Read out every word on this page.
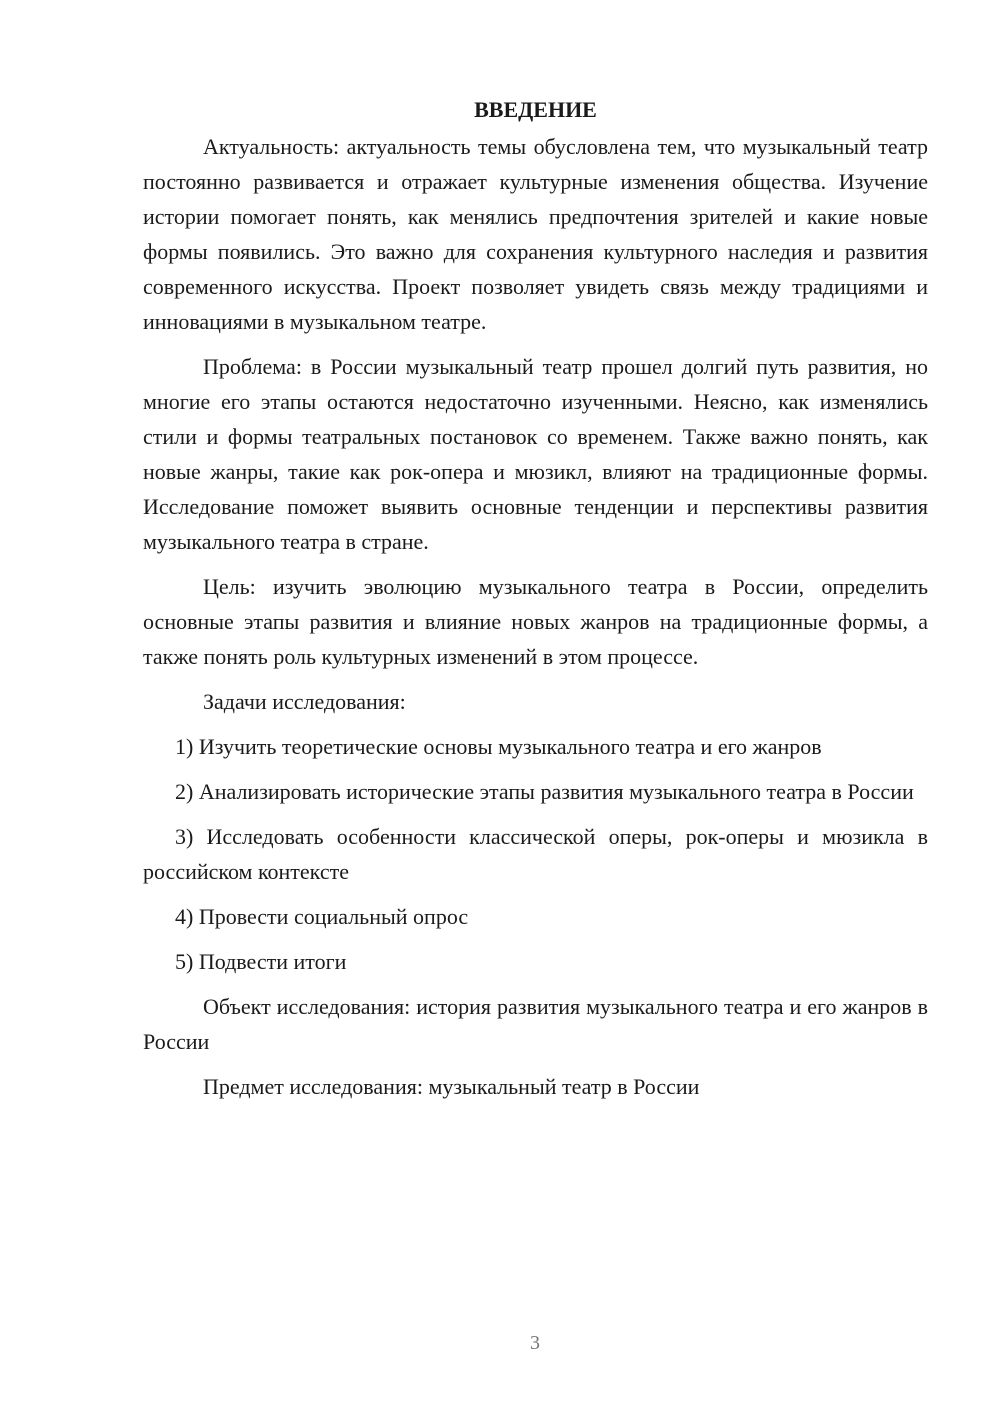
ВВЕДЕНИЕ

Актуальность: актуальность темы обусловлена тем, что музыкальный театр постоянно развивается и отражает культурные изменения общества. Изучение истории помогает понять, как менялись предпочтения зрителей и какие новые формы появились. Это важно для сохранения культурного наследия и развития современного искусства. Проект позволяет увидеть связь между традициями и инновациями в музыкальном театре.

Проблема: в России музыкальный театр прошел долгий путь развития, но многие его этапы остаются недостаточно изученными. Неясно, как изменялись стили и формы театральных постановок со временем. Также важно понять, как новые жанры, такие как рок-опера и мюзикл, влияют на традиционные формы. Исследование поможет выявить основные тенденции и перспективы развития музыкального театра в стране.

Цель: изучить эволюцию музыкального театра в России, определить основные этапы развития и влияние новых жанров на традиционные формы, а также понять роль культурных изменений в этом процессе.

Задачи исследования:

1) Изучить теоретические основы музыкального театра и его жанров

2) Анализировать исторические этапы развития музыкального театра в России

3) Исследовать особенности классической оперы, рок-оперы и мюзикла в российском контексте

4) Провести социальный опрос

5) Подвести итоги

Объект исследования: история развития музыкального театра и его жанров в России

Предмет исследования: музыкальный театр в России

3
